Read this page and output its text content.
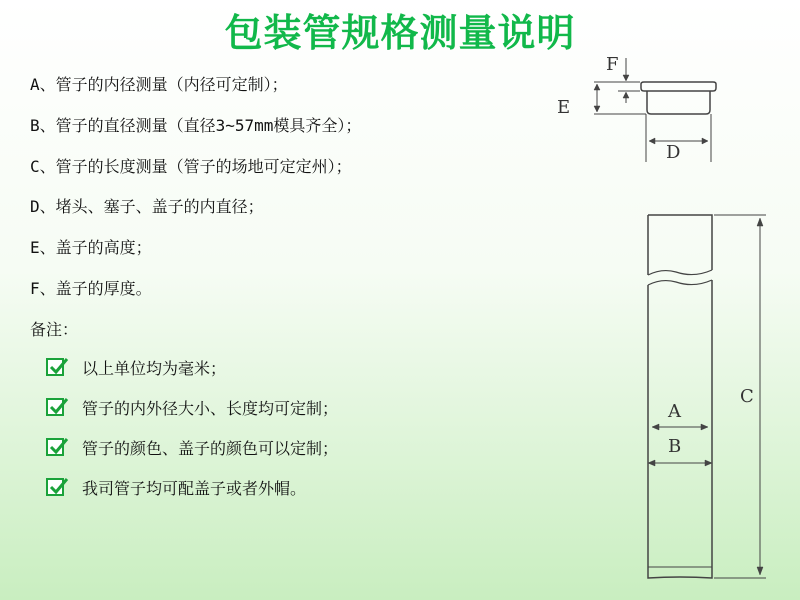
包装管规格测量说明
A、管子的内径测量（内径可定制）；
B、管子的直径测量（直径3~57mm模具齐全）；
C、管子的长度测量（管子的场地可定定州）；
D、堵头、塞子、盖子的内直径；
E、盖子的高度；
F、盖子的厚度。
备注：
以上单位均为毫米；
管子的内外径大小、长度均可定制；
管子的颜色、盖子的颜色可以定制；
我司管子均可配盖子或者外帽。
F
E
D
A
B
C
